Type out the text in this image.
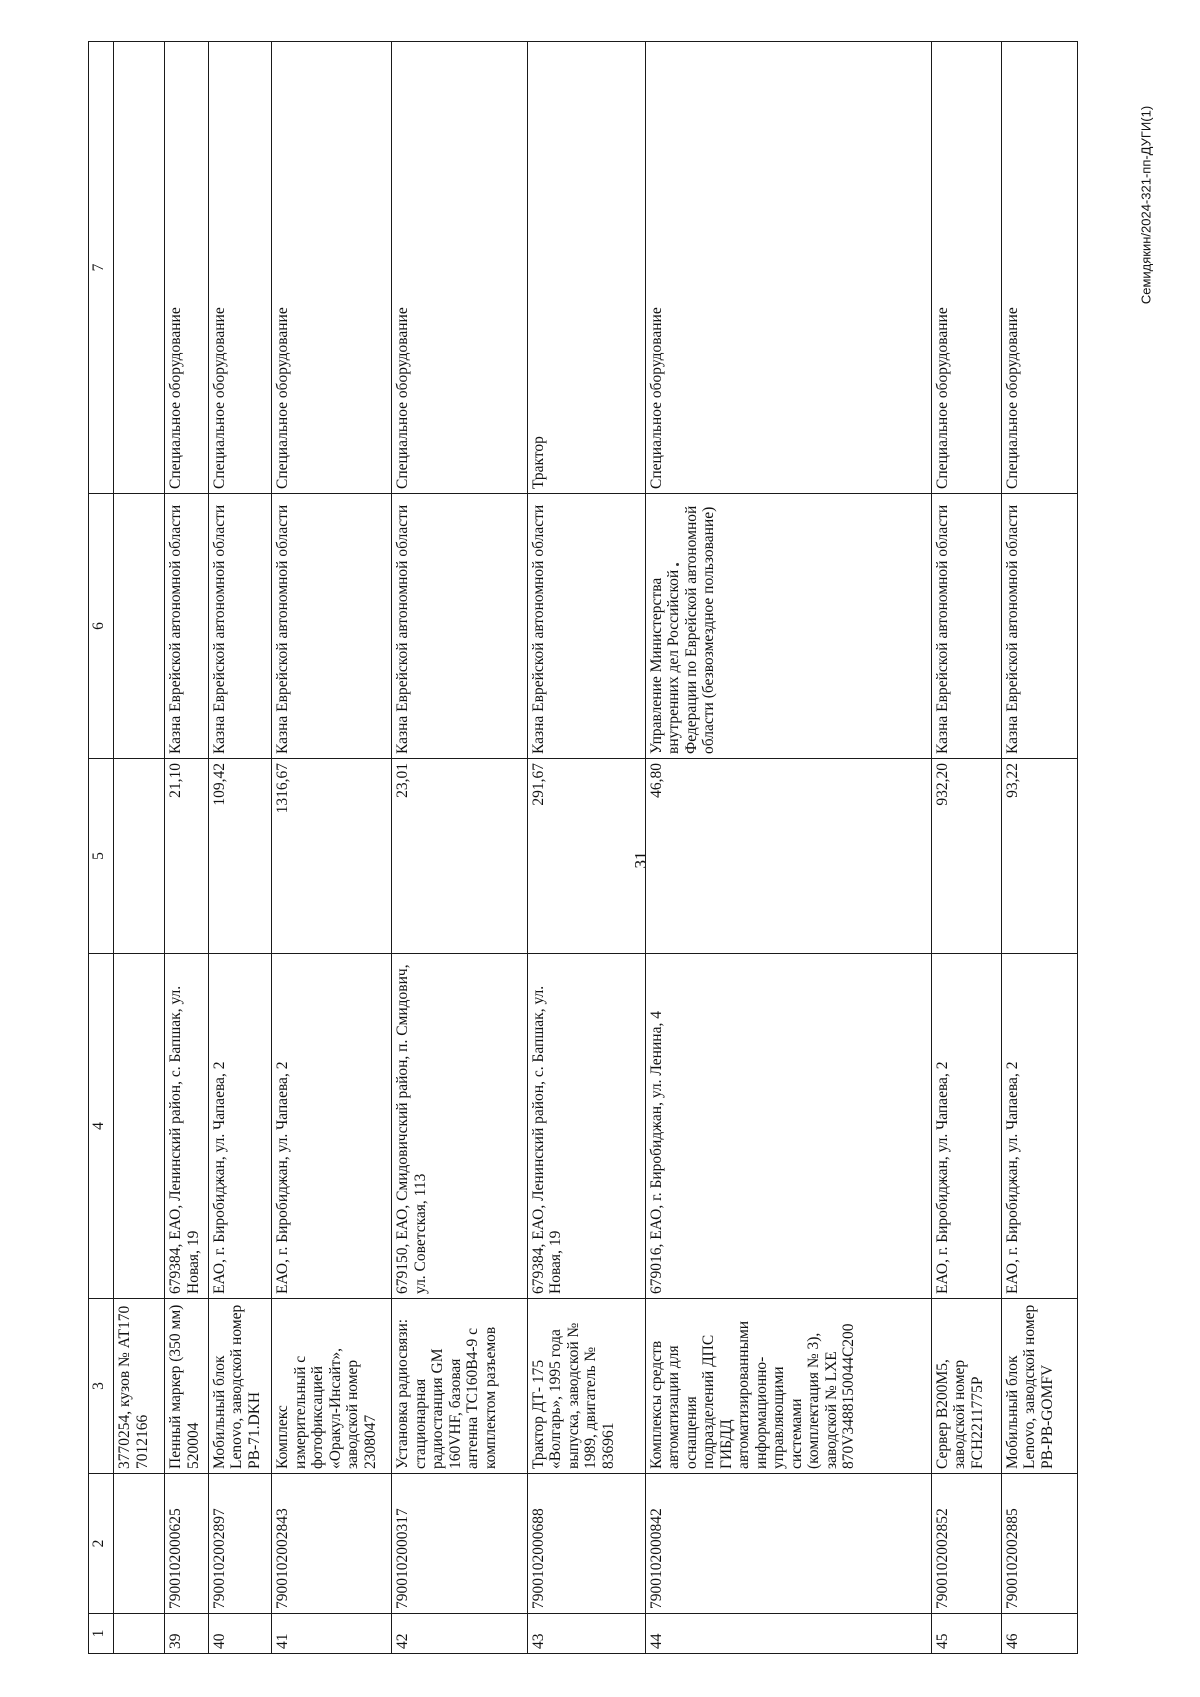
31
Семидякин/2024-321-пп-ДУГИ(1)
1	2	3	4	5	6	7
		3770254, кузов № АТ170 7012166				
39	7900102000625	Пенный маркер (350 мм) 520004	679384, ЕАО, Ленинский район, с. Бапшак, ул. Новая, 19	21,10	Казна Еврейской автономной области	Специальное оборудование
40	7900102002897	Мобильный блок Lenovo, заводской номер PB-71.DKH	ЕАО, г. Биробиджан, ул. Чапаева, 2	109,42	Казна Еврейской автономной области	Специальное оборудование
41	7900102002843	Комплекс измерительный с фотофиксацией «Оракул-Инсайт», заводской номер 2308047	ЕАО, г. Биробиджан, ул. Чапаева, 2	1316,67	Казна Еврейской автономной области	Специальное оборудование
42	7900102000317	Установка радиосвязи: стационарная радиостанция GM 160VHF, базовая антенна TC160B4-9 с комплектом разъемов	679150, ЕАО, Смидовичский район, п. Смидович, ул. Советская, 113	23,01	Казна Еврейской автономной области	Специальное оборудование
43	7900102000688	Трактор ДТ- 175 «Волгарь», 1995 года выпуска, заводской № 1989, двигатель № 836961	679384, ЕАО, Ленинский район, с. Бапшак, ул. Новая, 19	291,67	Казна Еврейской автономной области	Трактор
44	7900102000842	Комплексы средств автоматизации для оснащения подразделений ДПС ГИБДД автоматизированными информационно-управляющими системами (комплектация № 3), заводской № LXE 870V3488150044C200	679016, ЕАО, г. Биробиджан, ул. Ленина, 4	46,80	Управление Министерства внутренних дел Российской Федерации по Еврейской автономной области (безвозмездное пользование)	Специальное оборудование
45	7900102002852	Сервер B200M5, заводской номер FCH2211775P	ЕАО, г. Биробиджан, ул. Чапаева, 2	932,20	Казна Еврейской автономной области	Специальное оборудование
46	7900102002885	Мобильный блок Lenovo, заводской номер PB-PB-GOMFV	ЕАО, г. Биробиджан, ул. Чапаева, 2	93,22	Казна Еврейской автономной области	Специальное оборудование
